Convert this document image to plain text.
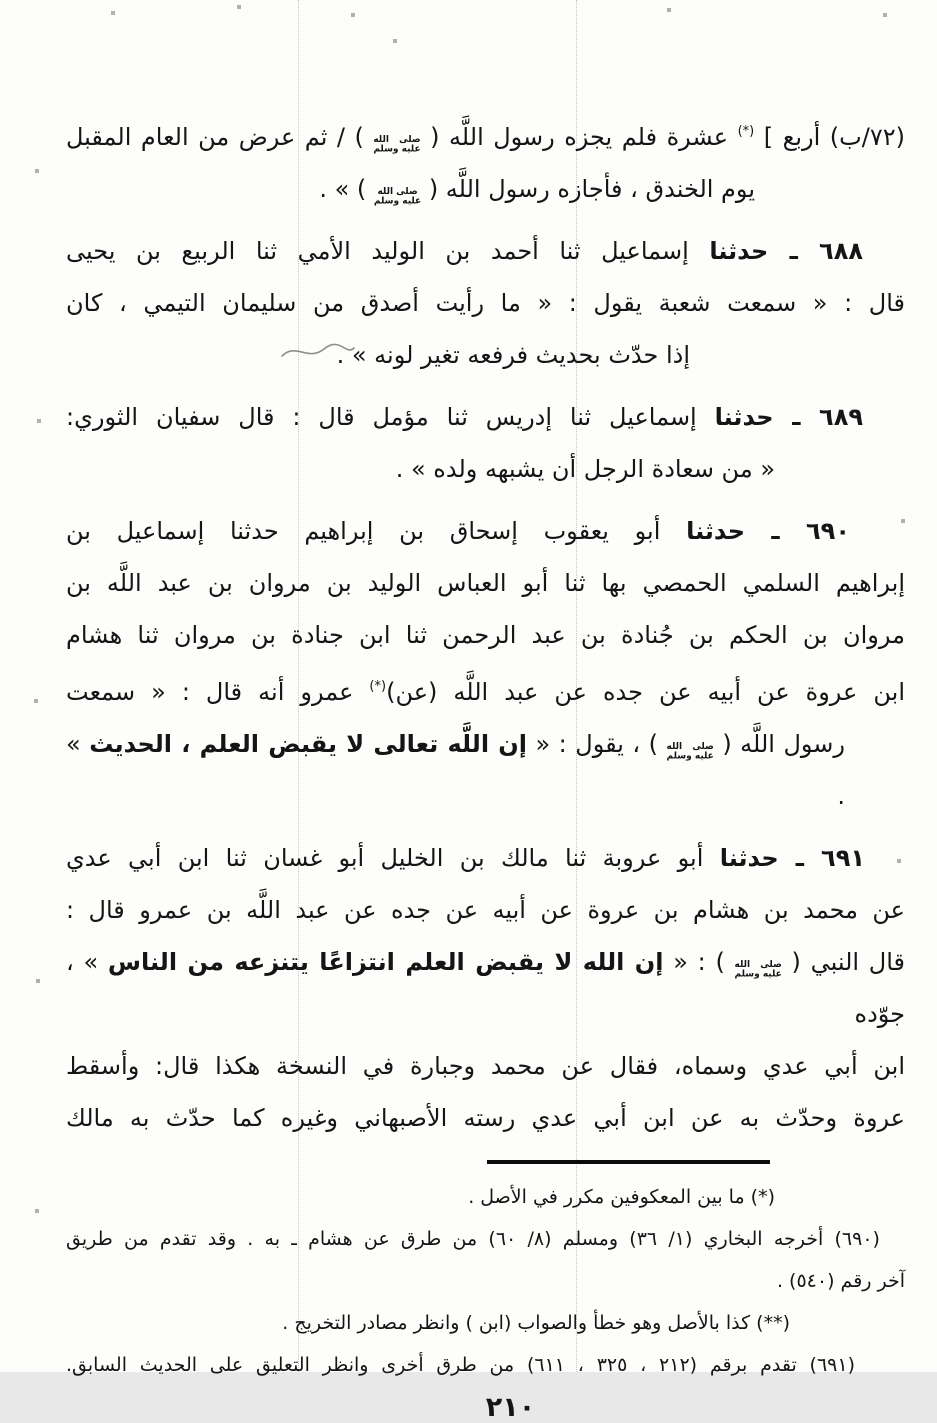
(٧٢/ب) أربع ] (*) عشرة فلم يجزه رسول اللَّه (
صلى الله
عليه وسلم
) / ثم عرض من العام المقبل
يوم الخندق ، فأجازه رسول اللَّه (
صلى الله
عليه وسلم
) » .
٦٨٨ ـ حدثنا إسماعيل ثنا أحمد بن الوليد الأمي ثنا الربيع بن يحيى
قال : « سمعت شعبة يقول : « ما رأيت أصدق من سليمان التيمي ، كان
إذا حدّث بحديث فرفعه تغير لونه » .
٦٨٩ ـ حدثنا إسماعيل ثنا إدريس ثنا مؤمل قال : قال سفيان الثوري:
« من سعادة الرجل أن يشبهه ولده » .
٦٩٠ ـ حدثنا أبو يعقوب إسحاق بن إبراهيم حدثنا إسماعيل بن
إبراهيم السلمي الحمصي بها ثنا أبو العباس الوليد بن مروان بن عبد اللَّه بن
مروان بن الحكم بن جُنادة بن عبد الرحمن ثنا ابن جنادة بن مروان ثنا هشام
ابن عروة عن أبيه عن جده عن عبد اللَّه (عن)(*) عمرو أنه قال : « سمعت
رسول اللَّه (
صلى الله
عليه وسلم
) ، يقول : « إن اللَّه تعالى لا يقبض العلم ، الحديث » .
٦٩١ ـ حدثنا أبو عروبة ثنا مالك بن الخليل أبو غسان ثنا ابن أبي عدي
عن محمد بن هشام بن عروة عن أبيه عن جده عن عبد اللَّه بن عمرو قال :
قال النبي (
صلى الله
عليه وسلم
) : « إن الله لا يقبض العلم انتزاعًا يتنزعه من الناس » ، جوّده
ابن أبي عدي وسماه، فقال عن محمد وجبارة في النسخة هكذا قال: وأسقط
عروة وحدّث به عن ابن أبي عدي رسته الأصبهاني وغيره كما حدّث به مالك
(*) ما بين المعكوفين مكرر في الأصل .
(٦٩٠) أخرجه البخاري (١/ ٣٦) ومسلم (٨/ ٦٠) من طرق عن هشام ـ به . وقد تقدم من طريق
آخر رقم (٥٤٠) .
(**) كذا بالأصل وهو خطأ والصواب (ابن ) وانظر مصادر التخريج .
(٦٩١) تقدم برقم (٢١٢ ، ٣٢٥ ، ٦١١) من طرق أخرى وانظر التعليق على الحديث السابق.
٢١٠
